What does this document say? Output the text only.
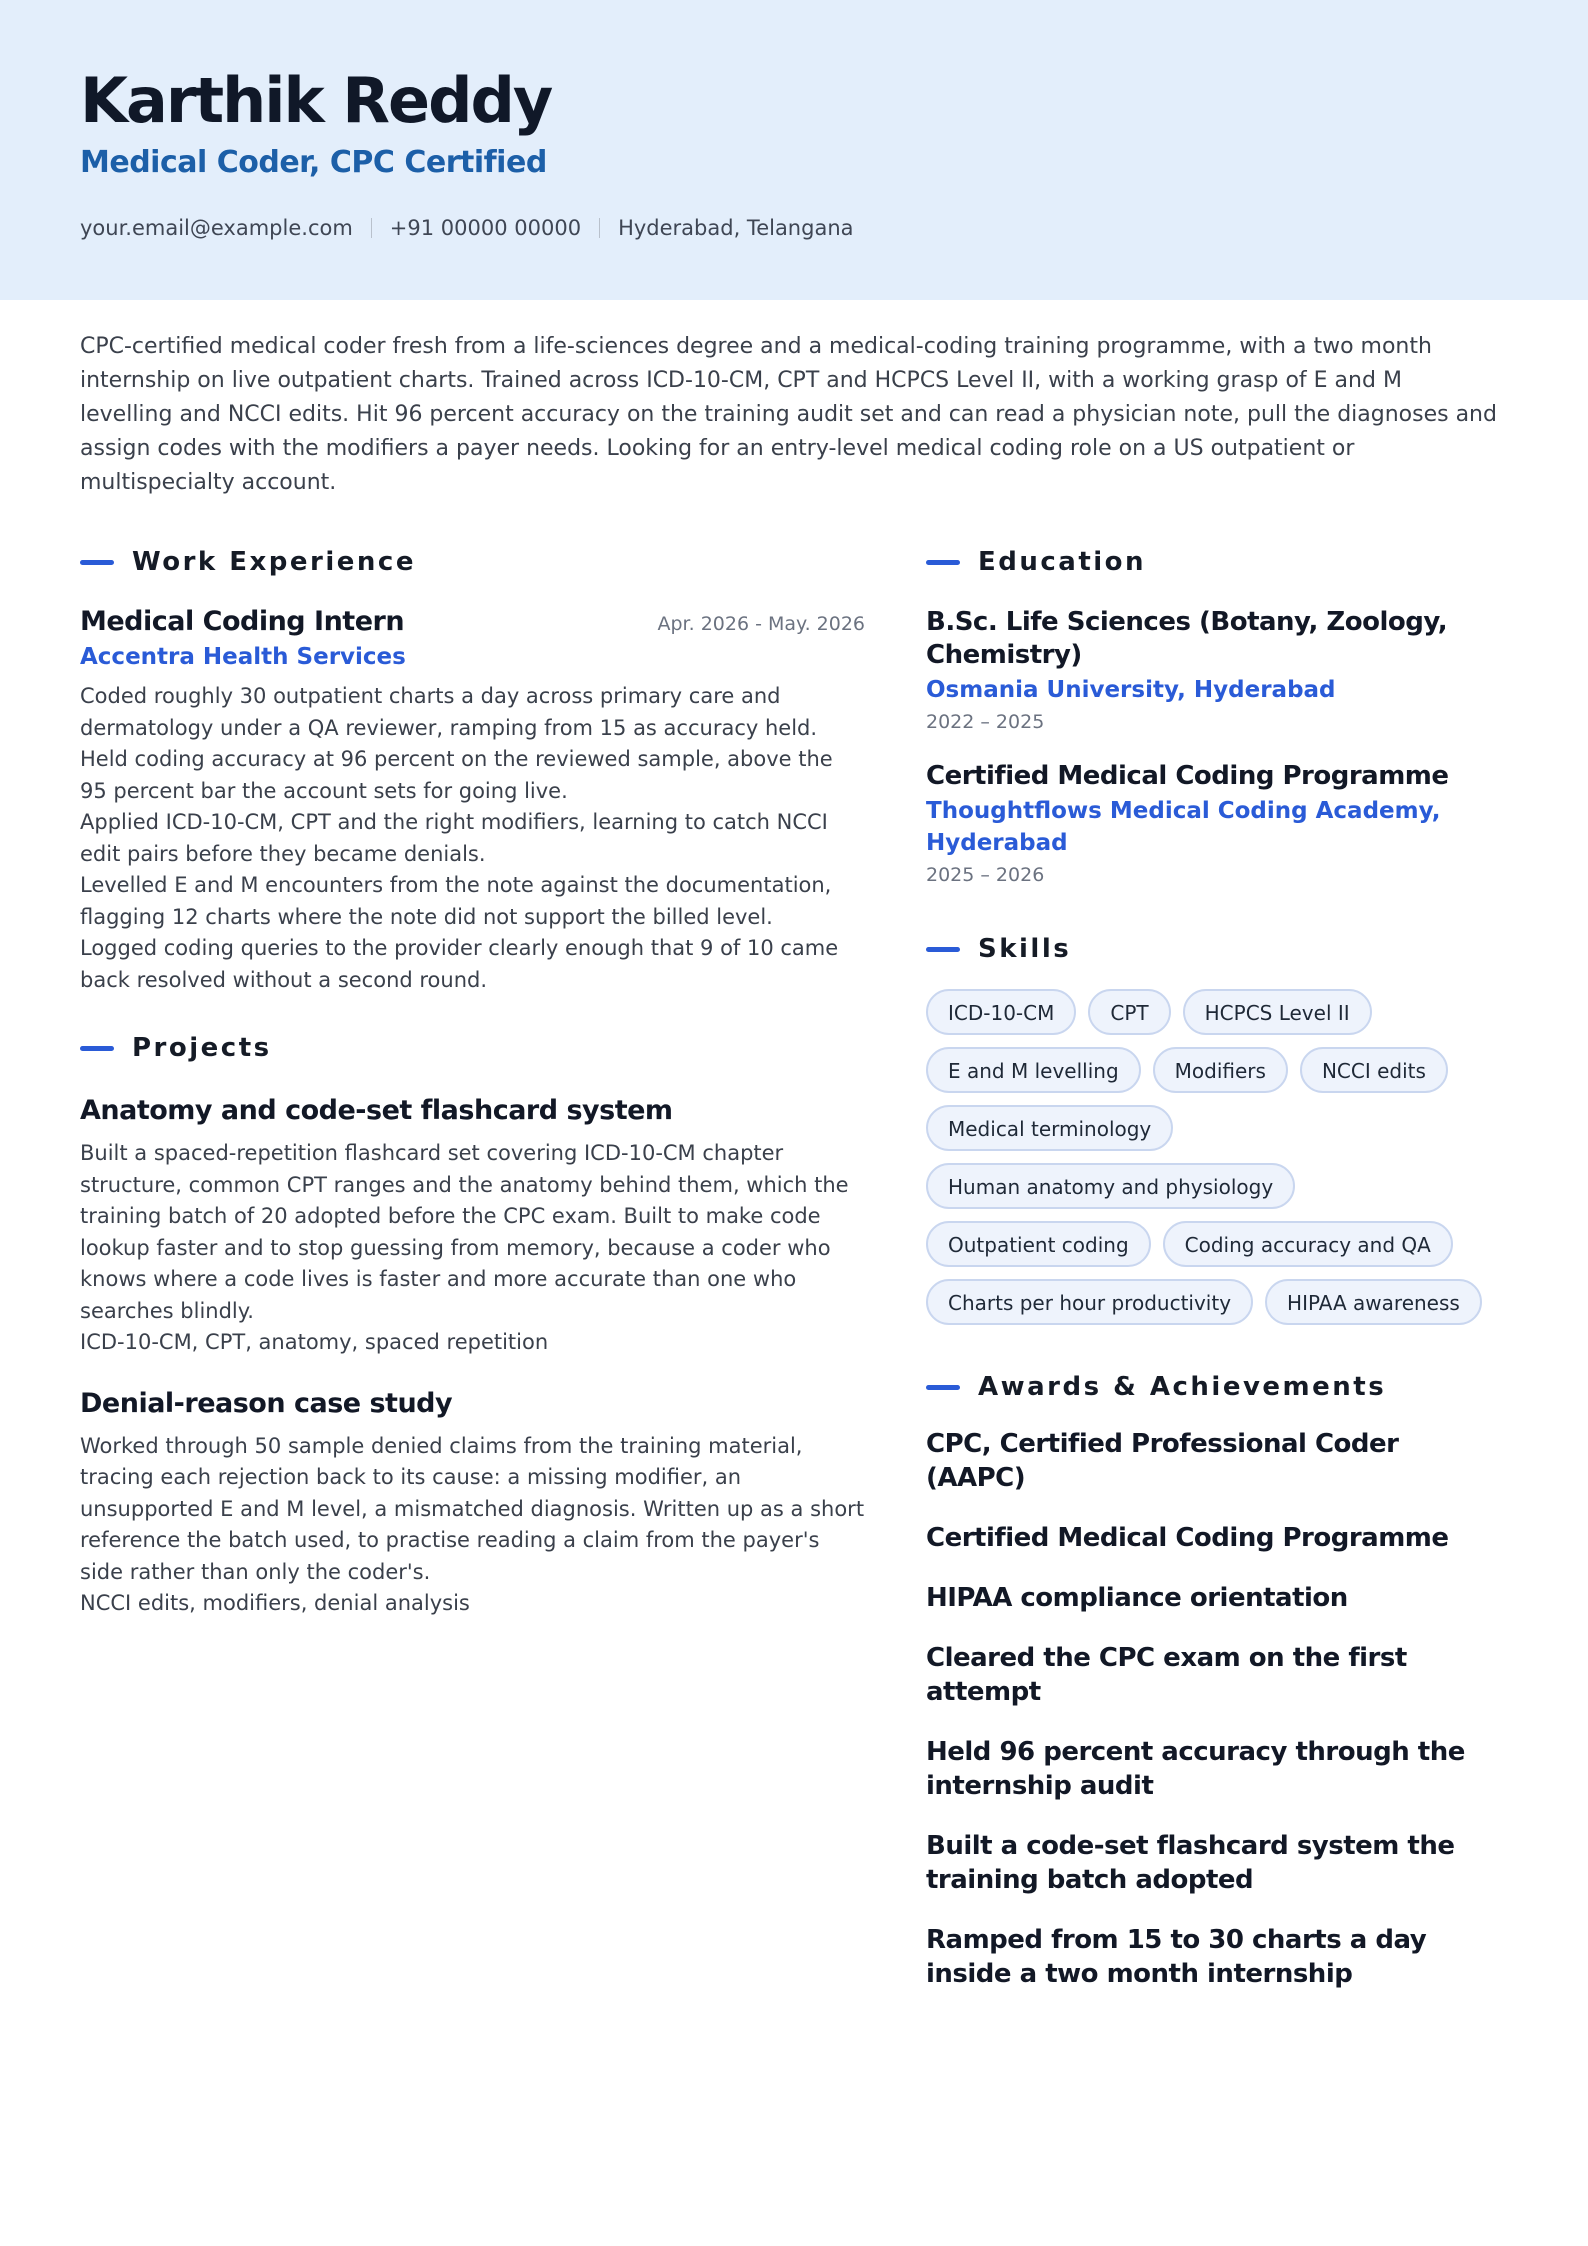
Karthik Reddy
Medical Coder, CPC Certified
your.email@example.com +91 00000 00000 Hyderabad, Telangana

CPC-certified medical coder fresh from a life-sciences degree and a medical-coding training programme, with a two month internship on live outpatient charts. Trained across ICD-10-CM, CPT and HCPCS Level II, with a working grasp of E and M levelling and NCCI edits. Hit 96 percent accuracy on the training audit set and can read a physician note, pull the diagnoses and assign codes with the modifiers a payer needs. Looking for an entry-level medical coding role on a US outpatient or multispecialty account.

Work Experience
Medical Coding Intern	Apr. 2026 - May. 2026
Accentra Health Services

Coded roughly 30 outpatient charts a day across primary care and dermatology under a QA reviewer, ramping from 15 as accuracy held.

Held coding accuracy at 96 percent on the reviewed sample, above the 95 percent bar the account sets for going live.

Applied ICD-10-CM, CPT and the right modifiers, learning to catch NCCI edit pairs before they became denials.

Levelled E and M encounters from the note against the documentation, flagging 12 charts where the note did not support the billed level.

Logged coding queries to the provider clearly enough that 9 of 10 came back resolved without a second round.

Projects
Anatomy and code-set flashcard system

Built a spaced-repetition flashcard set covering ICD-10-CM chapter structure, common CPT ranges and the anatomy behind them, which the training batch of 20 adopted before the CPC exam. Built to make code lookup faster and to stop guessing from memory, because a coder who knows where a code lives is faster and more accurate than one who searches blindly.

ICD-10-CM, CPT, anatomy, spaced repetition

Denial-reason case study

Worked through 50 sample denied claims from the training material, tracing each rejection back to its cause: a missing modifier, an unsupported E and M level, a mismatched diagnosis. Written up as a short reference the batch used, to practise reading a claim from the payer's side rather than only the coder's.

NCCI edits, modifiers, denial analysis

Education
B.Sc. Life Sciences (Botany, Zoology, Chemistry)
Osmania University, Hyderabad
2022 – 2025
Certified Medical Coding Programme
Thoughtflows Medical Coding Academy, Hyderabad
2025 – 2026
Skills
ICD-10-CM	CPT	HCPCS Level II
E and M levelling	Modifiers	NCCI edits
Medical terminology
Human anatomy and physiology
Outpatient coding	Coding accuracy and QA
Charts per hour productivity	HIPAA awareness
Awards & Achievements
CPC, Certified Professional Coder (AAPC)
Certified Medical Coding Programme
HIPAA compliance orientation
Cleared the CPC exam on the first attempt
Held 96 percent accuracy through the internship audit
Built a code-set flashcard system the training batch adopted
Ramped from 15 to 30 charts a day inside a two month internship
